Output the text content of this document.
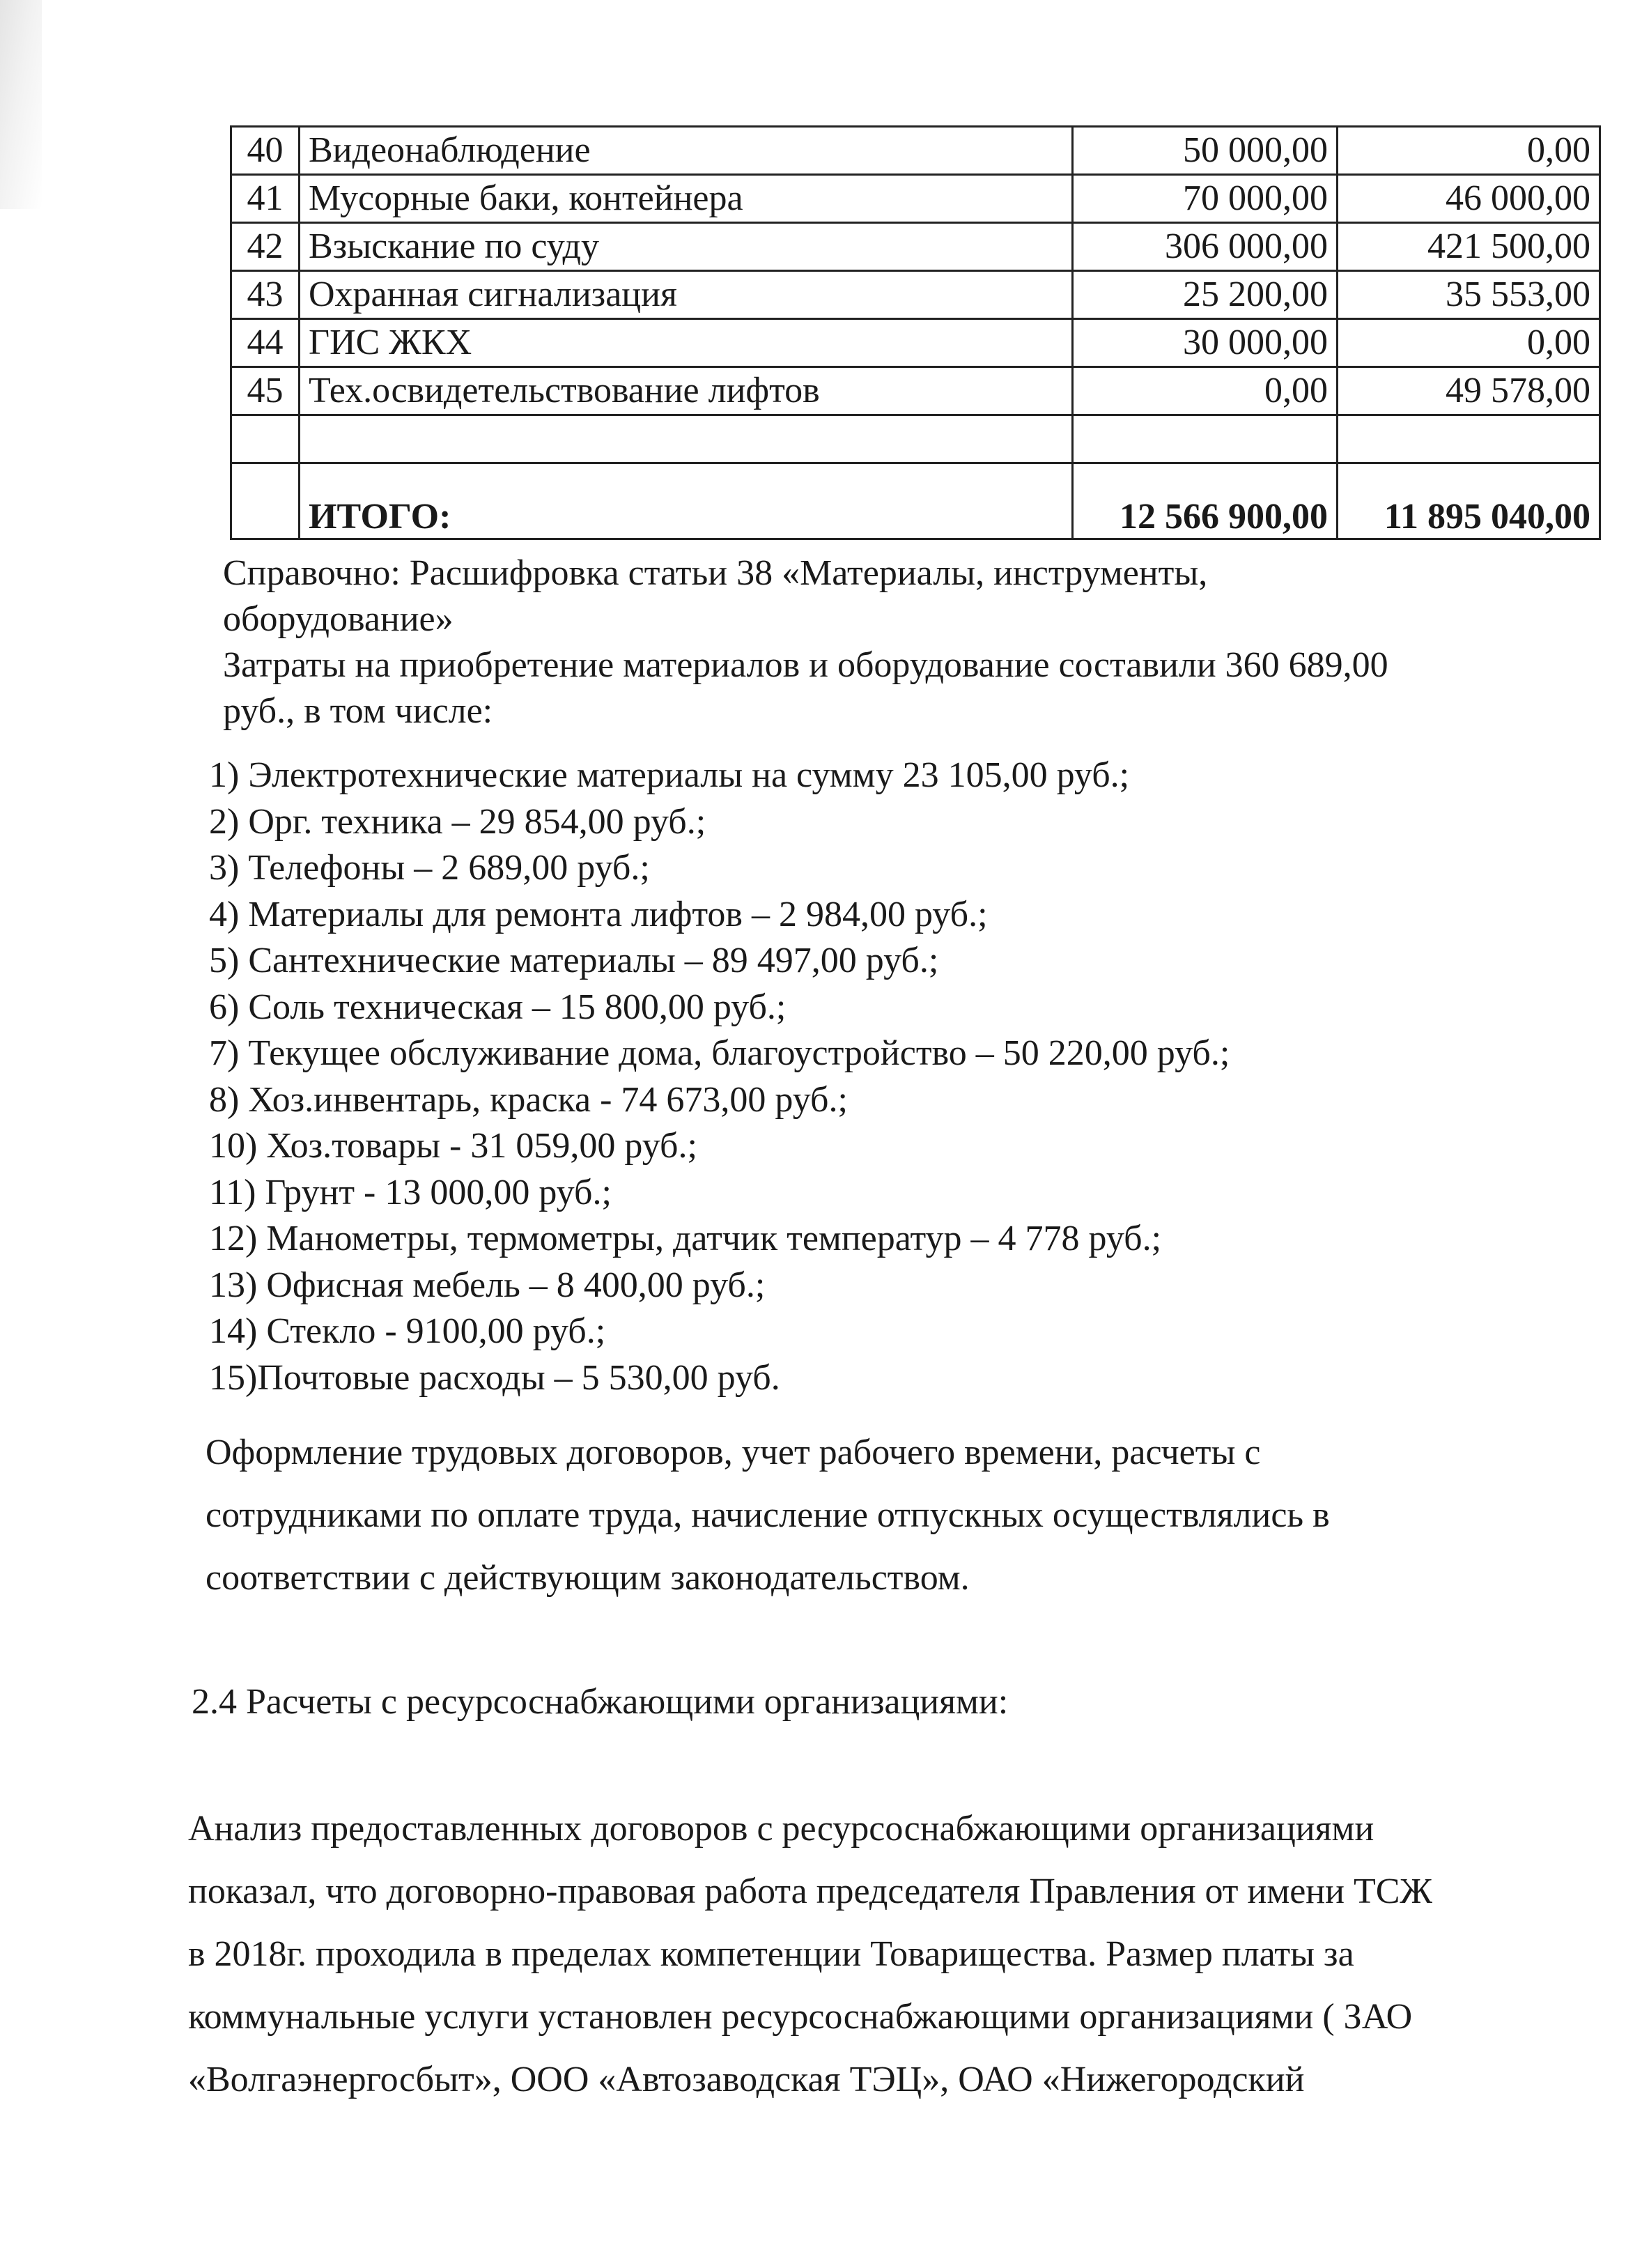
40	Видеонаблюдение	50 000,00	0,00
41	Мусорные баки, контейнера	70 000,00	46 000,00
42	Взыскание по суду	306 000,00	421 500,00
43	Охранная сигнализация	25 200,00	35 553,00
44	ГИС ЖКХ	30 000,00	0,00
45	Тех.освидетельствование лифтов	0,00	49 578,00

	ИТОГО:	12 566 900,00	11 895 040,00

Справочно: Расшифровка статьи 38 «Материалы, инструменты,

оборудование»

Затраты на приобретение материалов и оборудование составили 360 689,00

руб., в том числе:

1) Электротехнические материалы на сумму 23 105,00 руб.;
2) Орг. техника – 29 854,00 руб.;
3) Телефоны – 2 689,00 руб.;
4) Материалы для ремонта лифтов – 2 984,00 руб.;
5) Сантехнические материалы – 89 497,00 руб.;
6) Соль техническая – 15 800,00 руб.;
7) Текущее обслуживание дома, благоустройство – 50 220,00 руб.;
8) Хоз.инвентарь, краска - 74 673,00 руб.;
10) Хоз.товары - 31 059,00 руб.;
11) Грунт - 13 000,00 руб.;
12) Манометры, термометры, датчик температур – 4 778 руб.;
13) Офисная мебель – 8 400,00 руб.;
14) Стекло - 9100,00 руб.;
15)Почтовые расходы – 5 530,00 руб.

Оформление трудовых договоров, учет рабочего времени, расчеты с

сотрудниками по оплате труда, начисление отпускных осуществлялись в

соответствии с действующим законодательством.

2.4 Расчеты с ресурсоснабжающими организациями:

Анализ предоставленных договоров с ресурсоснабжающими организациями

показал, что договорно-правовая работа председателя Правления от имени ТСЖ

в 2018г. проходила в пределах компетенции Товарищества. Размер платы за

коммунальные услуги установлен ресурсоснабжающими организациями ( ЗАО

«Волгаэнергосбыт», ООО «Автозаводская ТЭЦ», ОАО «Нижегородский
